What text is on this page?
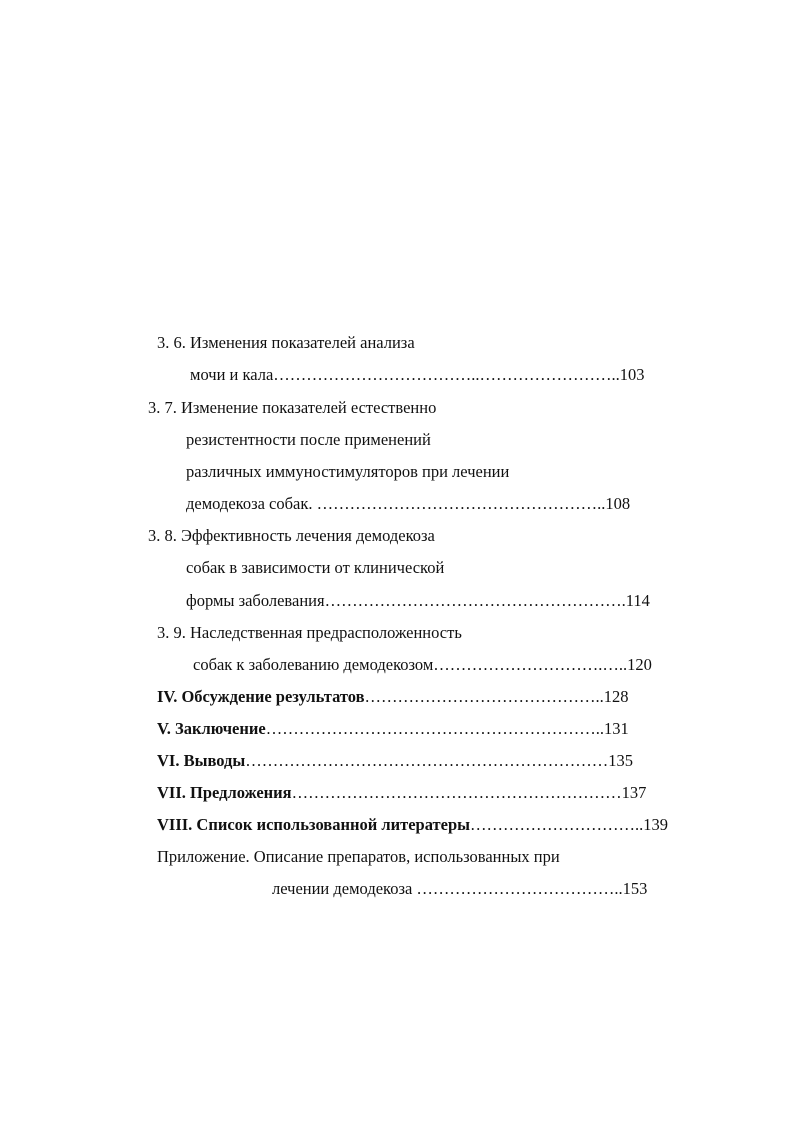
3. 6. Изменения показателей анализа
мочи и кала………………………………..……………………..103
3. 7. Изменение показателей естественно
резистентности после применений
различных иммуностимуляторов при лечении
демодекоза собак. ……………………………………………..108
3. 8. Эффективность лечения демодекоза
собак в зависимости от клинической
формы заболевания……………………………………………….114
3. 9. Наследственная предрасположенность
собак к заболеванию демодекозом………………………….…..120
IV. Обсуждение результатов……………………………………..128
V. Заключение……………………………………………………..131
VI. Выводы…………………………………………………………135
VII. Предложения……………………………………………………137
VIII. Список использованной литератеры…………………………..139
Приложение. Описание препаратов, использованных при
лечении демодекоза ………………………………..153
